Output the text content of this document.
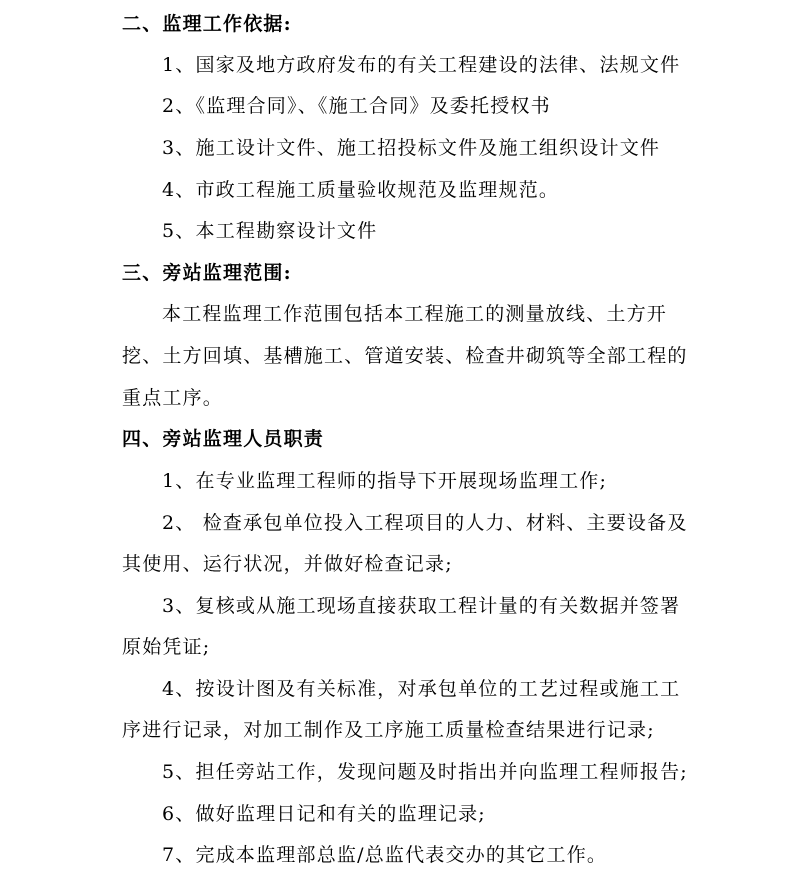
二、监理工作依据:
1、国家及地方政府发布的有关工程建设的法律、法规文件
2、《监理合同》、《施工合同》及委托授权书
3、施工设计文件、施工招投标文件及施工组织设计文件
4、市政工程施工质量验收规范及监理规范。
5、本工程勘察设计文件
三、旁站监理范围:
本工程监理工作范围包括本工程施工的测量放线、土方开
挖、土方回填、基槽施工、管道安装、检查井砌筑等全部工程的
重点工序。
四、旁站监理人员职责
1、在专业监理工程师的指导下开展现场监理工作;
2、 检查承包单位投入工程项目的人力、材料、主要设备及
其使用、运行状况，并做好检查记录;
3、复核或从施工现场直接获取工程计量的有关数据并签署
原始凭证;
4、按设计图及有关标准，对承包单位的工艺过程或施工工
序进行记录，对加工制作及工序施工质量检查结果进行记录;
5、担任旁站工作，发现问题及时指出并向监理工程师报告;
6、做好监理日记和有关的监理记录;
7、完成本监理部总监/总监代表交办的其它工作。
